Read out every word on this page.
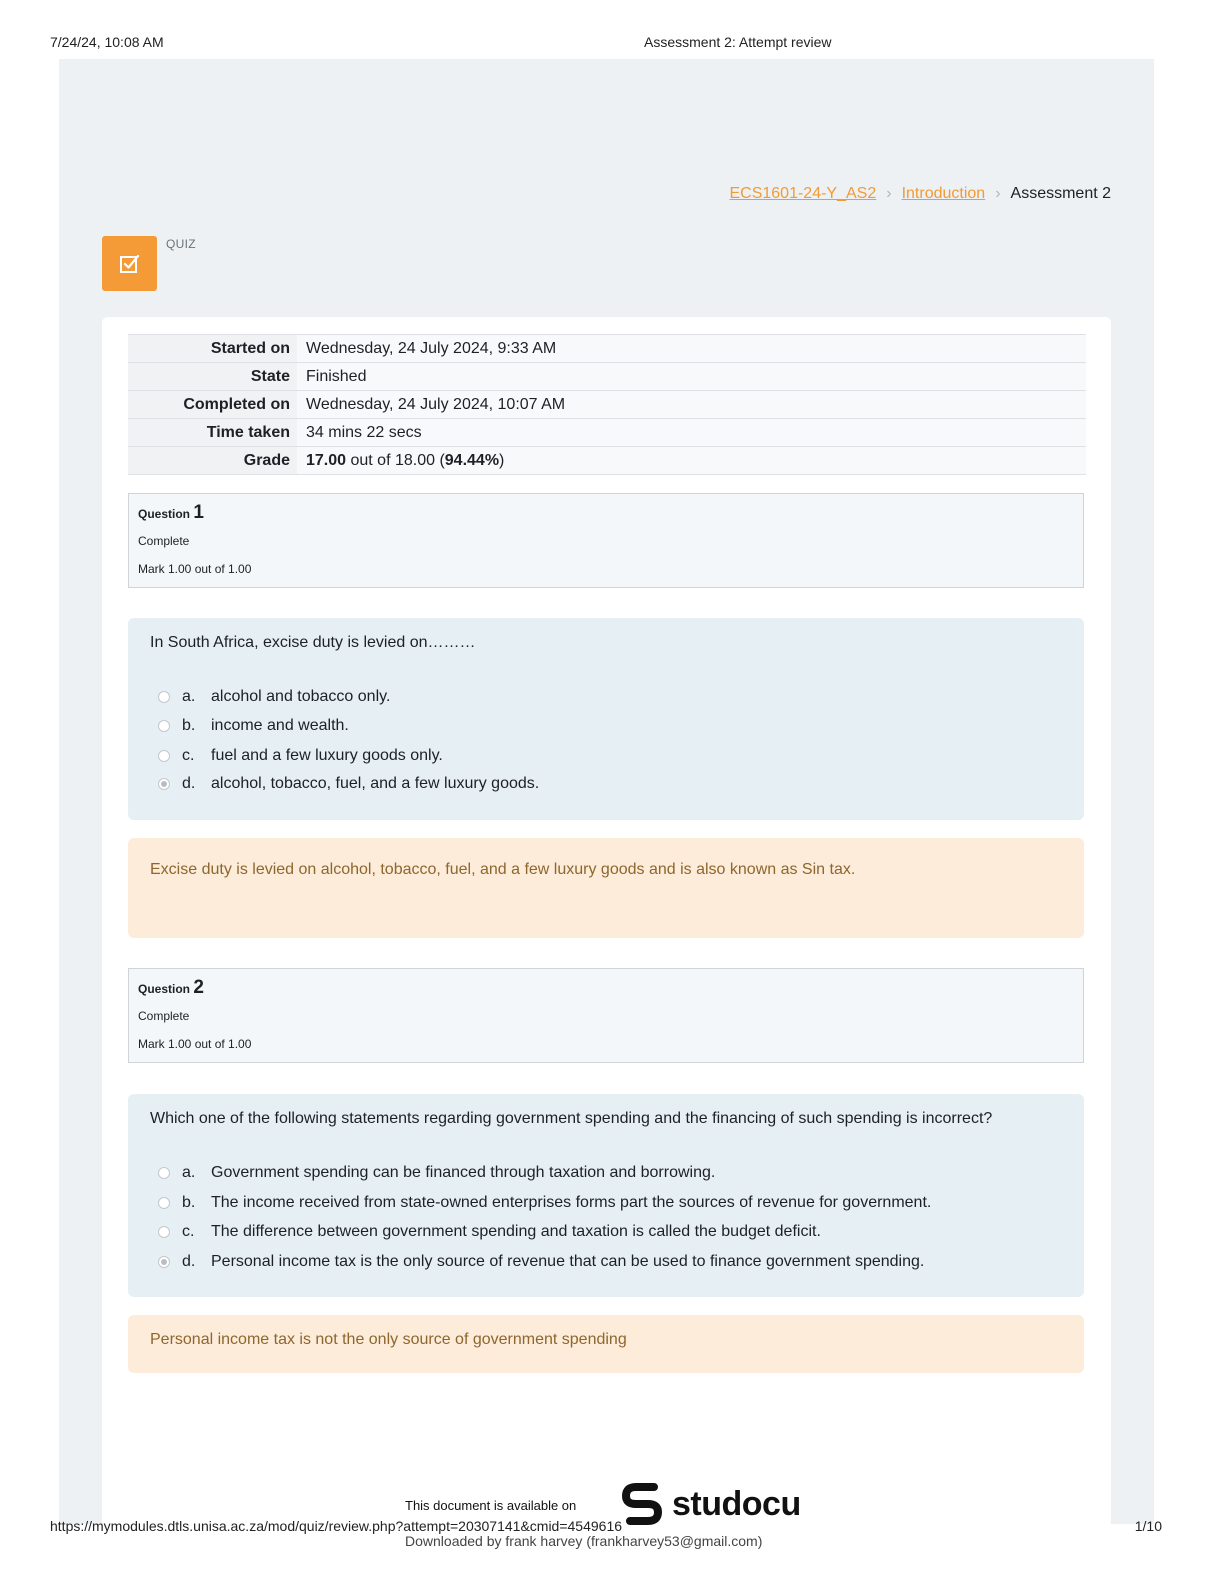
7/24/24, 10:08 AM	Assessment 2: Attempt review
ECS1601-24-Y_AS2 › Introduction › Assessment 2
QUIZ
Started on	Wednesday, 24 July 2024, 9:33 AM
State	Finished
Completed on	Wednesday, 24 July 2024, 10:07 AM
Time taken	34 mins 22 secs
Grade	17.00 out of 18.00 (94.44%)
Question 1
Complete
Mark 1.00 out of 1.00
In South Africa, excise duty is levied on………
a. alcohol and tobacco only.
b. income and wealth.
c.	fuel and a few luxury goods only.
d. alcohol, tobacco, fuel, and a few luxury goods.
Excise duty is levied on alcohol, tobacco, fuel, and a few luxury goods and is also known as Sin tax.
Question 2
Complete
Mark 1.00 out of 1.00
Which one of the following statements regarding government spending and the financing of such spending is incorrect?
a. Government spending can be financed through taxation and borrowing.
b. The income received from state-owned enterprises forms part the sources of revenue for government.
c.	The difference between government spending and taxation is called the budget deficit.
d. Personal income tax is the only source of revenue that can be used to finance government spending.
Personal income tax is not the only source of government spending
This document is available on	studocu
https://mymodules.dtls.unisa.ac.za/mod/quiz/review.php?attempt=20307141&cmid=4549616	1/10
Downloaded by frank harvey (frankharvey53@gmail.com)
